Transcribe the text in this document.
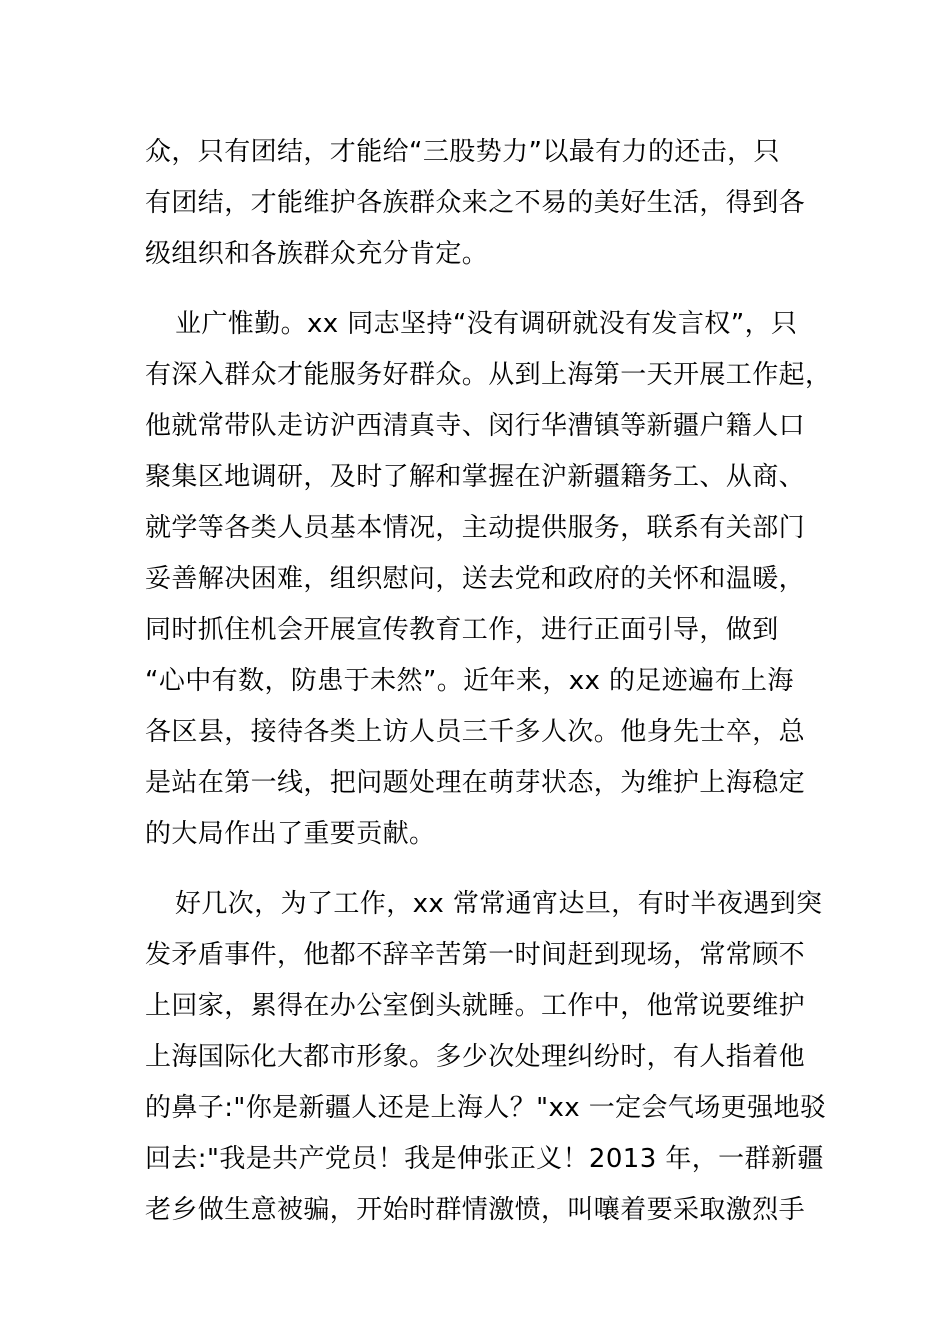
众，只有团结，才能给“三股势力”以最有力的还击，只
有团结，才能维护各族群众来之不易的美好生活，得到各
级组织和各族群众充分肯定。
业广惟勤。xx 同志坚持“没有调研就没有发言权”，只
有深入群众才能服务好群众。从到上海第一天开展工作起，
他就常带队走访沪西清真寺、闵行华漕镇等新疆户籍人口
聚集区地调研，及时了解和掌握在沪新疆籍务工、从商、
就学等各类人员基本情况，主动提供服务，联系有关部门
妥善解决困难，组织慰问，送去党和政府的关怀和温暖，
同时抓住机会开展宣传教育工作，进行正面引导，做到
“心中有数，防患于未然”。近年来，xx 的足迹遍布上海
各区县，接待各类上访人员三千多人次。他身先士卒，总
是站在第一线，把问题处理在萌芽状态，为维护上海稳定
的大局作出了重要贡献。
好几次，为了工作，xx 常常通宵达旦，有时半夜遇到突
发矛盾事件，他都不辞辛苦第一时间赶到现场，常常顾不
上回家，累得在办公室倒头就睡。工作中，他常说要维护
上海国际化大都市形象。多少次处理纠纷时，有人指着他
的鼻子:"你是新疆人还是上海人？"xx 一定会气场更强地驳
回去:"我是共产党员！我是伸张正义！2013 年，一群新疆
老乡做生意被骗，开始时群情激愤，叫嚷着要采取激烈手
